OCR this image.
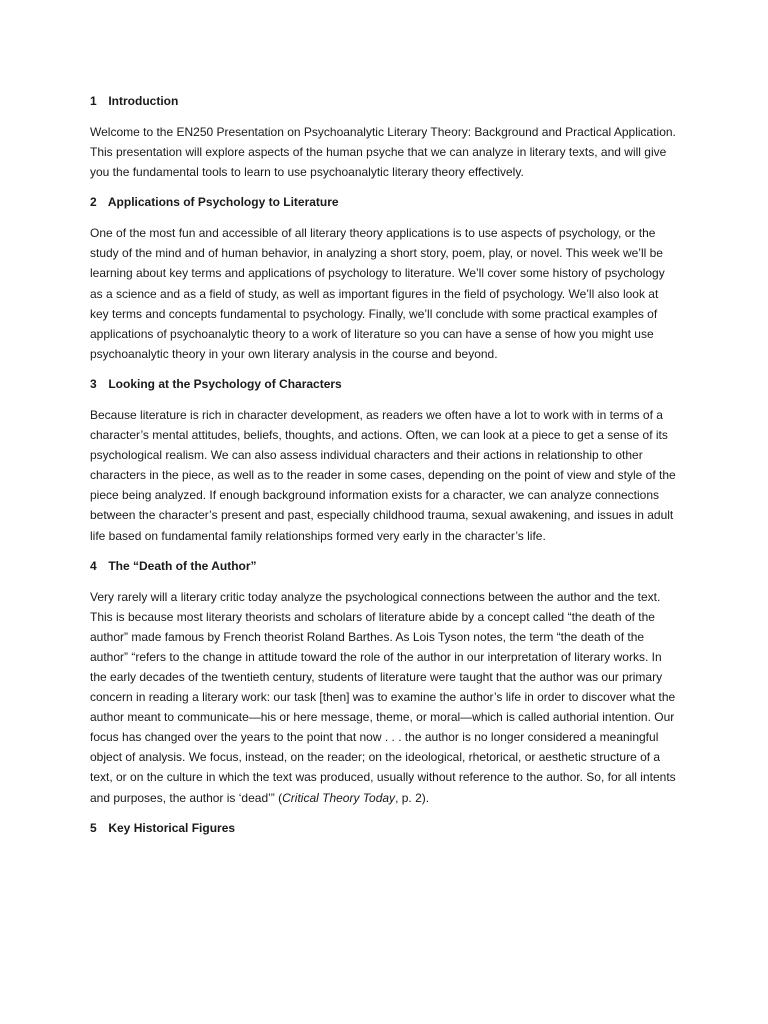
1 Introduction

Welcome to the EN250 Presentation on Psychoanalytic Literary Theory: Background and Practical Application. This presentation will explore aspects of the human psyche that we can analyze in literary texts, and will give you the fundamental tools to learn to use psychoanalytic literary theory effectively.

2 Applications of Psychology to Literature

One of the most fun and accessible of all literary theory applications is to use aspects of psychology, or the study of the mind and of human behavior, in analyzing a short story, poem, play, or novel. This week we’ll be learning about key terms and applications of psychology to literature. We’ll cover some history of psychology as a science and as a field of study, as well as important figures in the field of psychology. We’ll also look at key terms and concepts fundamental to psychology. Finally, we’ll conclude with some practical examples of applications of psychoanalytic theory to a work of literature so you can have a sense of how you might use psychoanalytic theory in your own literary analysis in the course and beyond.

3 Looking at the Psychology of Characters

Because literature is rich in character development, as readers we often have a lot to work with in terms of a character’s mental attitudes, beliefs, thoughts, and actions. Often, we can look at a piece to get a sense of its psychological realism. We can also assess individual characters and their actions in relationship to other characters in the piece, as well as to the reader in some cases, depending on the point of view and style of the piece being analyzed. If enough background information exists for a character, we can analyze connections between the character’s present and past, especially childhood trauma, sexual awakening, and issues in adult life based on fundamental family relationships formed very early in the character’s life.

4 The “Death of the Author”

Very rarely will a literary critic today analyze the psychological connections between the author and the text. This is because most literary theorists and scholars of literature abide by a concept called “the death of the author” made famous by French theorist Roland Barthes. As Lois Tyson notes, the term “the death of the author” “refers to the change in attitude toward the role of the author in our interpretation of literary works. In the early decades of the twentieth century, students of literature were taught that the author was our primary concern in reading a literary work: our task [then] was to examine the author’s life in order to discover what the author meant to communicate—his or here message, theme, or moral—which is called authorial intention. Our focus has changed over the years to the point that now . . . the author is no longer considered a meaningful object of analysis. We focus, instead, on the reader; on the ideological, rhetorical, or aesthetic structure of a text, or on the culture in which the text was produced, usually without reference to the author. So, for all intents and purposes, the author is ‘dead’” (Critical Theory Today, p. 2).

5 Key Historical Figures
